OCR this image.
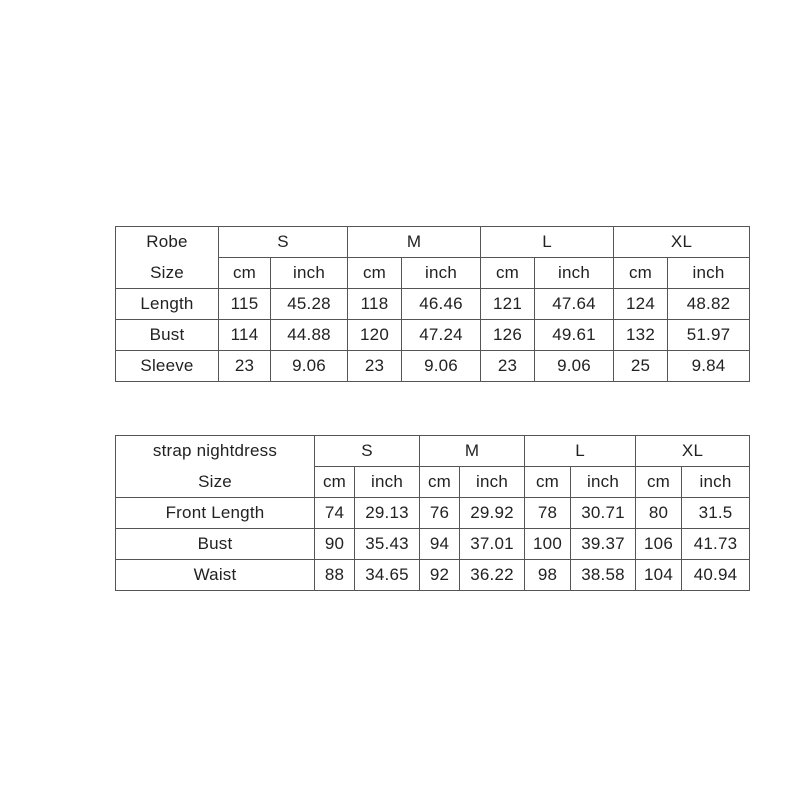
Robe	S		M		L		XL	
Size	cm	inch	cm	inch	cm	inch	cm	inch
Length	115	45.28	118	46.46	121	47.64	124	48.82
Bust	114	44.88	120	47.24	126	49.61	132	51.97
Sleeve	23	9.06	23	9.06	23	9.06	25	9.84
strap nightdress	S		M		L		XL	
Size	cm	inch	cm	inch	cm	inch	cm	inch
Front Length	74	29.13	76	29.92	78	30.71	80	31.5
Bust	90	35.43	94	37.01	100	39.37	106	41.73
Waist	88	34.65	92	36.22	98	38.58	104	40.94
